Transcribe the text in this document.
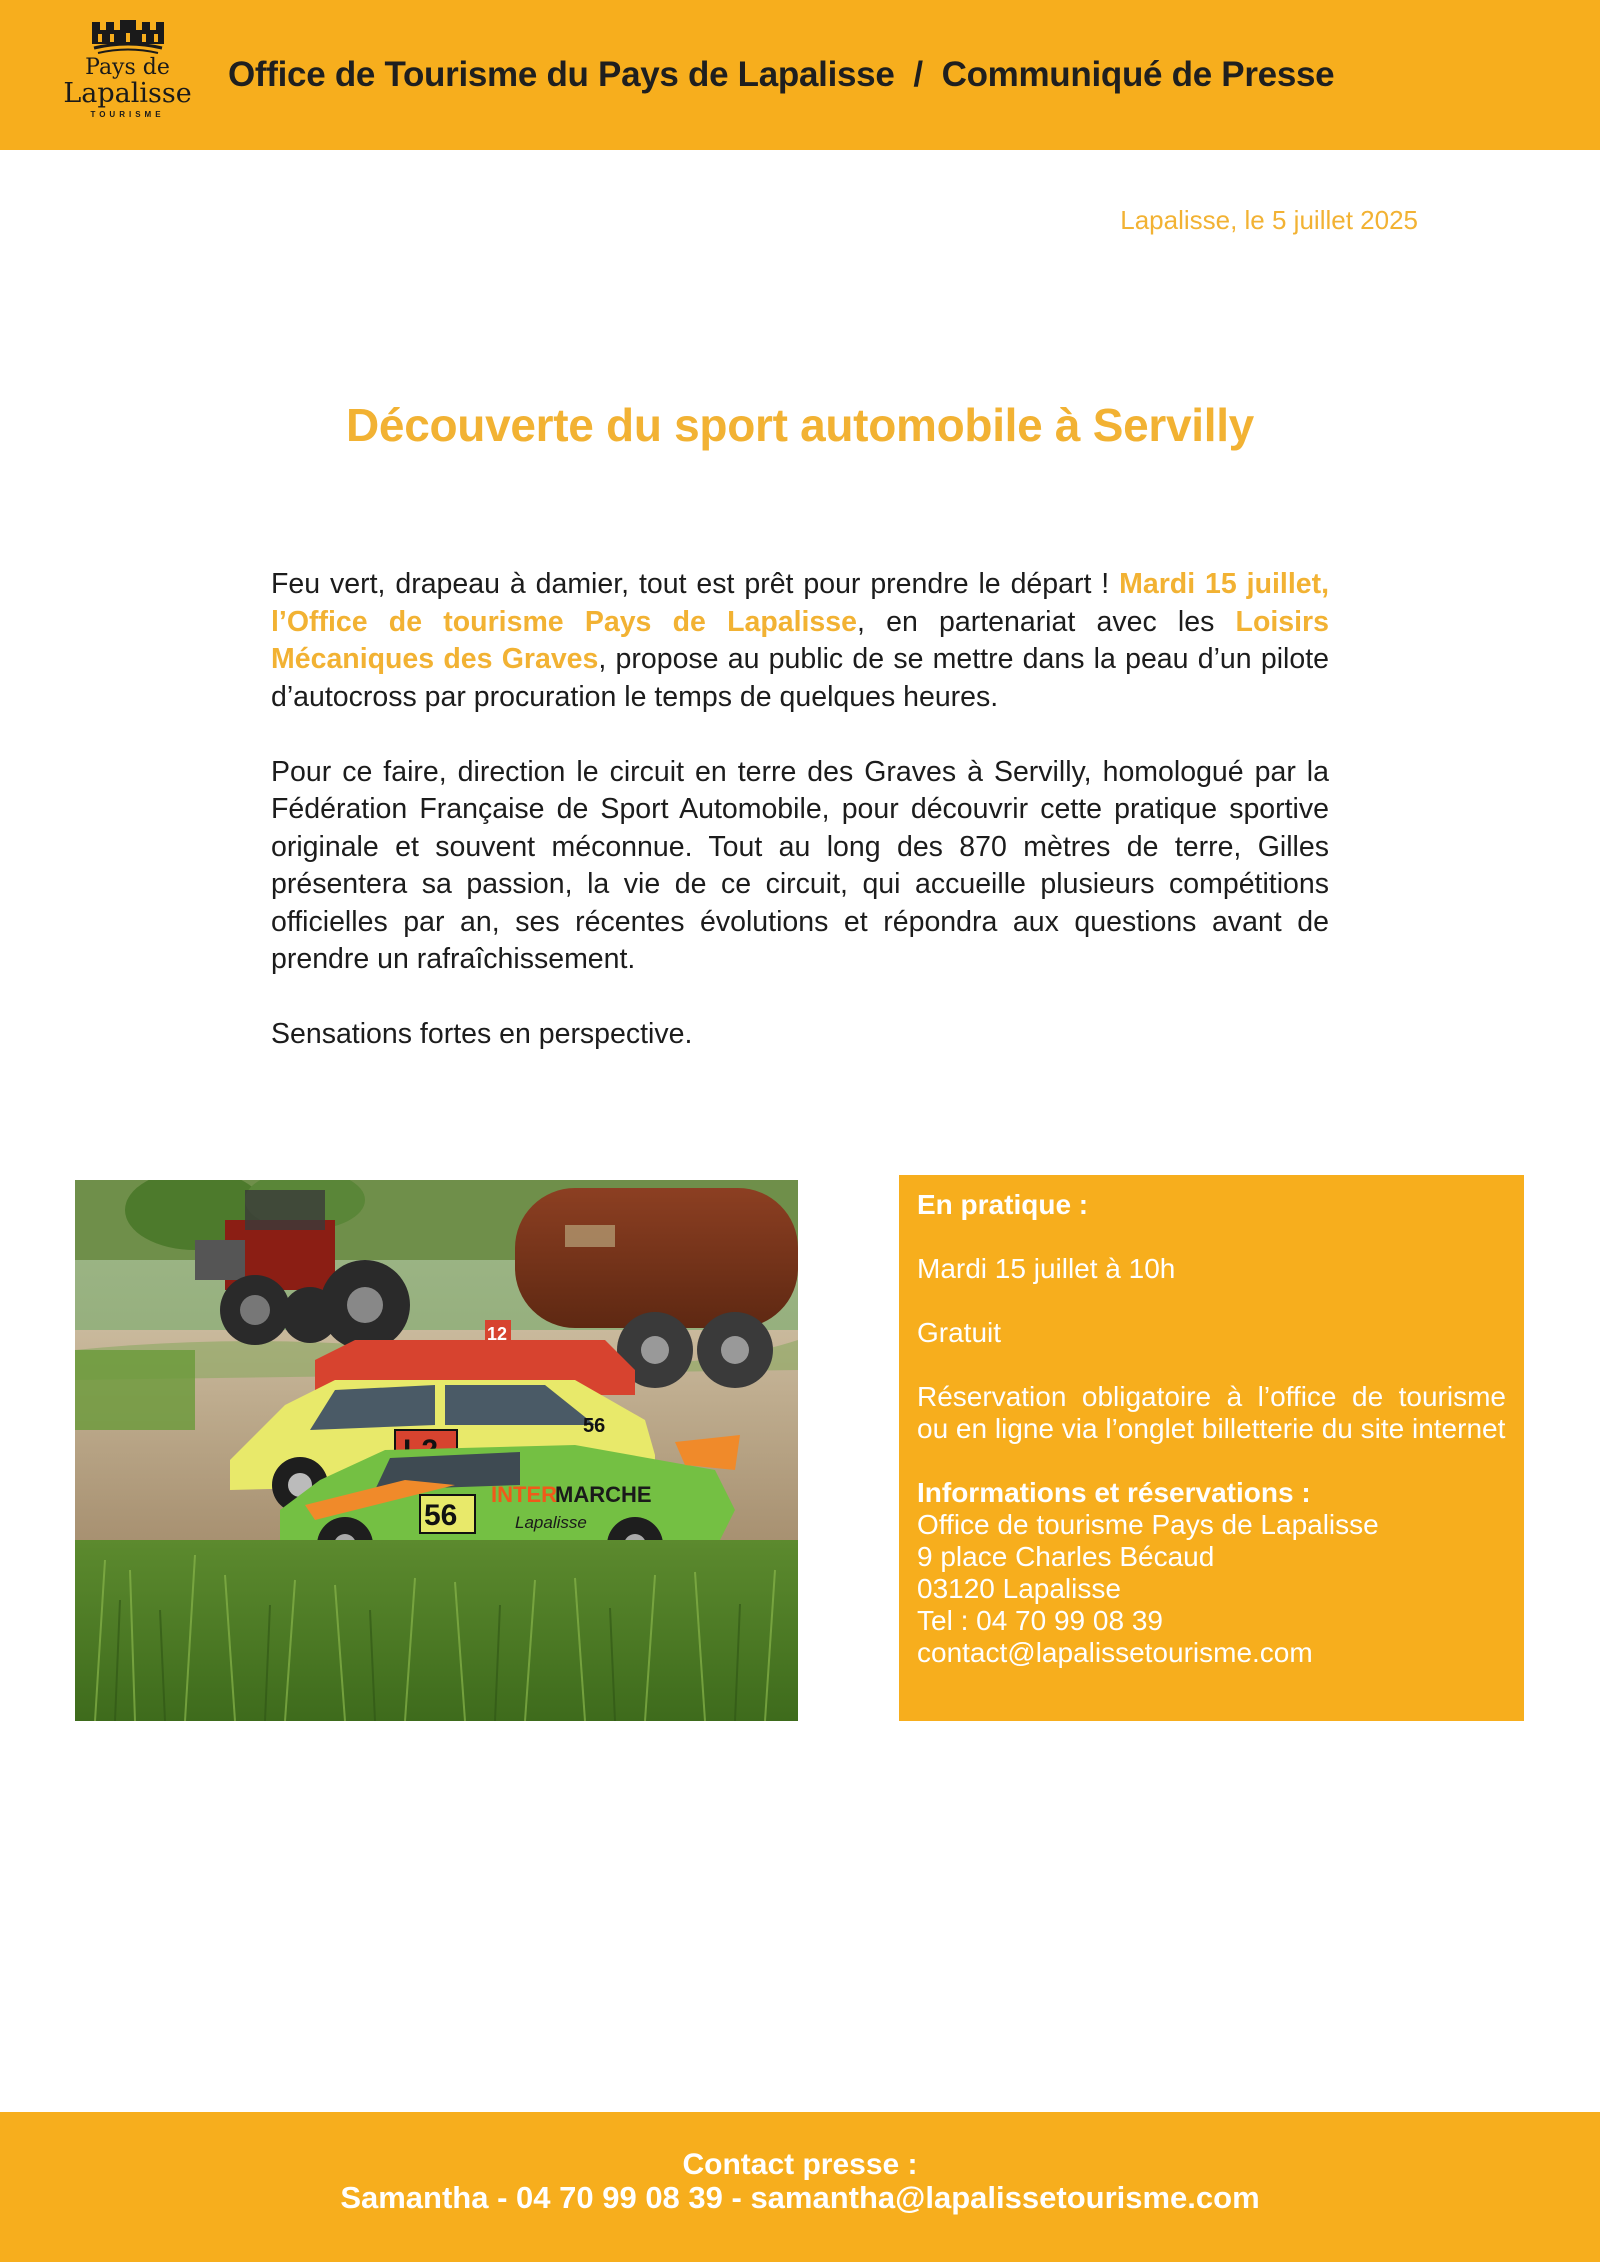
Pays de
Lapalisse
TOURISME
Office de Tourisme du Pays de Lapalisse  /  Communiqué de Presse
Lapalisse, le 5 juillet 2025
Découverte du sport automobile à Servilly

Feu vert, drapeau à damier, tout est prêt pour prendre le départ ! Mardi 15 juillet, l’Office de tourisme Pays de Lapalisse, en partenariat avec les Loisirs Mécaniques des Graves, propose au public de se mettre dans la peau d’un pilote d’autocross par procuration le temps de quelques heures.

Pour ce faire, direction le circuit en terre des Graves à Servilly, homologué par la Fédération Française de Sport Automobile, pour découvrir cette pratique sportive originale et souvent méconnue. Tout au long des 870 mètres de terre, Gilles présentera sa passion, la vie de ce circuit, qui accueille plusieurs compétitions officielles par an, ses récentes évolutions et répondra aux questions avant de prendre un rafraîchissement.

Sensations fortes en perspective.

12
56
56
INTER
MARCHE
Lapalisse
En pratique :
Mardi 15 juillet à 10h
Gratuit
Réservation obligatoire à l’office de tourisme ou en ligne via l’onglet billetterie du site internet
Informations et réservations :
Office de tourisme Pays de Lapalisse
9 place Charles Bécaud
03120 Lapalisse
Tel : 04 70 99 08 39
contact@lapalissetourisme.com
Contact presse :
Samantha - 04 70 99 08 39 - samantha@lapalissetourisme.com
